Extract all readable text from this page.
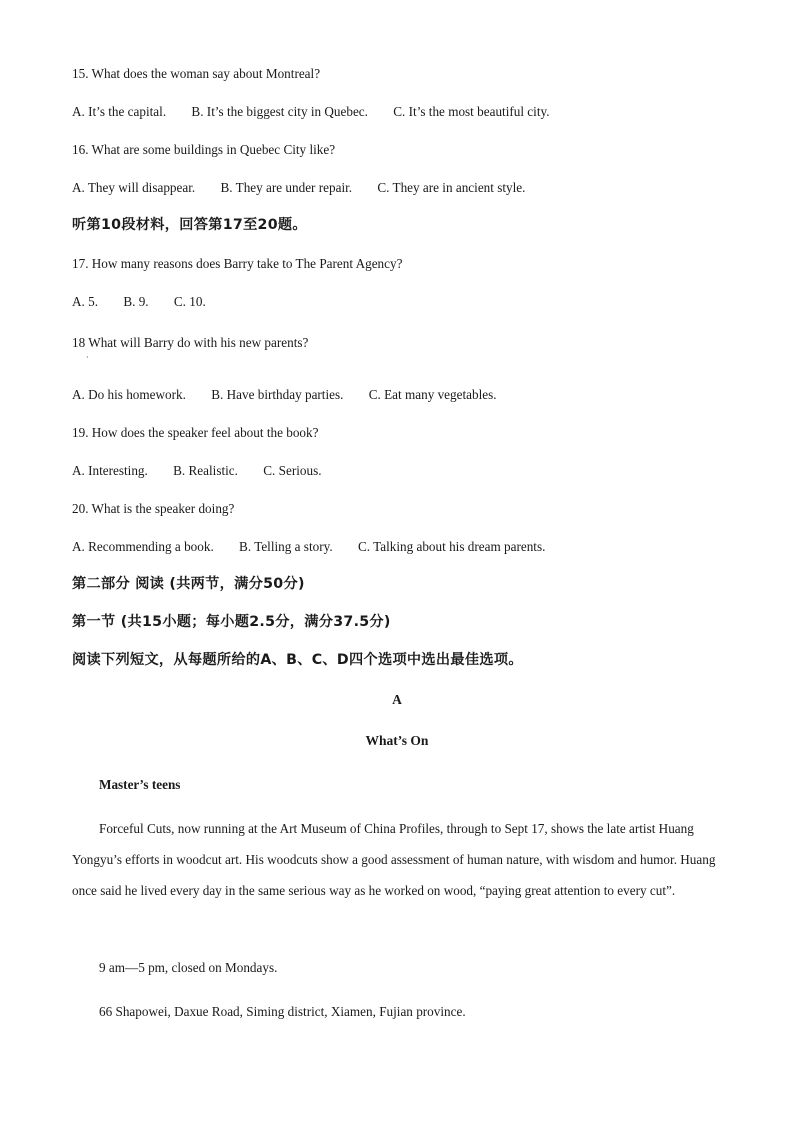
15. What does the woman say about Montreal?
A. It’s the capital. B. It’s the biggest city in Quebec. C. It’s the most beautiful city.
16. What are some buildings in Quebec City like?
A. They will disappear. B. They are under repair. C. They are in ancient style.
听第10段材料，回答第17至20题。
17. How many reasons does Barry take to The Parent Agency?
A. 5. B. 9. C. 10.
18 What will Barry do with his new parents?
·
A. Do his homework. B. Have birthday parties. C. Eat many vegetables.
19. How does the speaker feel about the book?
A. Interesting. B. Realistic. C. Serious.
20. What is the speaker doing?
A. Recommending a book. B. Telling a story. C. Talking about his dream parents.
第二部分 阅读 (共两节，满分50分)
第一节 (共15小题；每小题2.5分，满分37.5分)
阅读下列短文，从每题所给的A、B、C、D四个选项中选出最佳选项。
A
What’s On
Master’s teens
Forceful Cuts, now running at the Art Museum of China Profiles, through to Sept 17, shows the late artist Huang Yongyu’s efforts in woodcut art. His woodcuts show a good assessment of human nature, with wisdom and humor. Huang once said he lived every day in the same serious way as he worked on wood, “paying great attention to every cut”.
9 am—5 pm, closed on Mondays.
66 Shapowei, Daxue Road, Siming district, Xiamen, Fujian province.
